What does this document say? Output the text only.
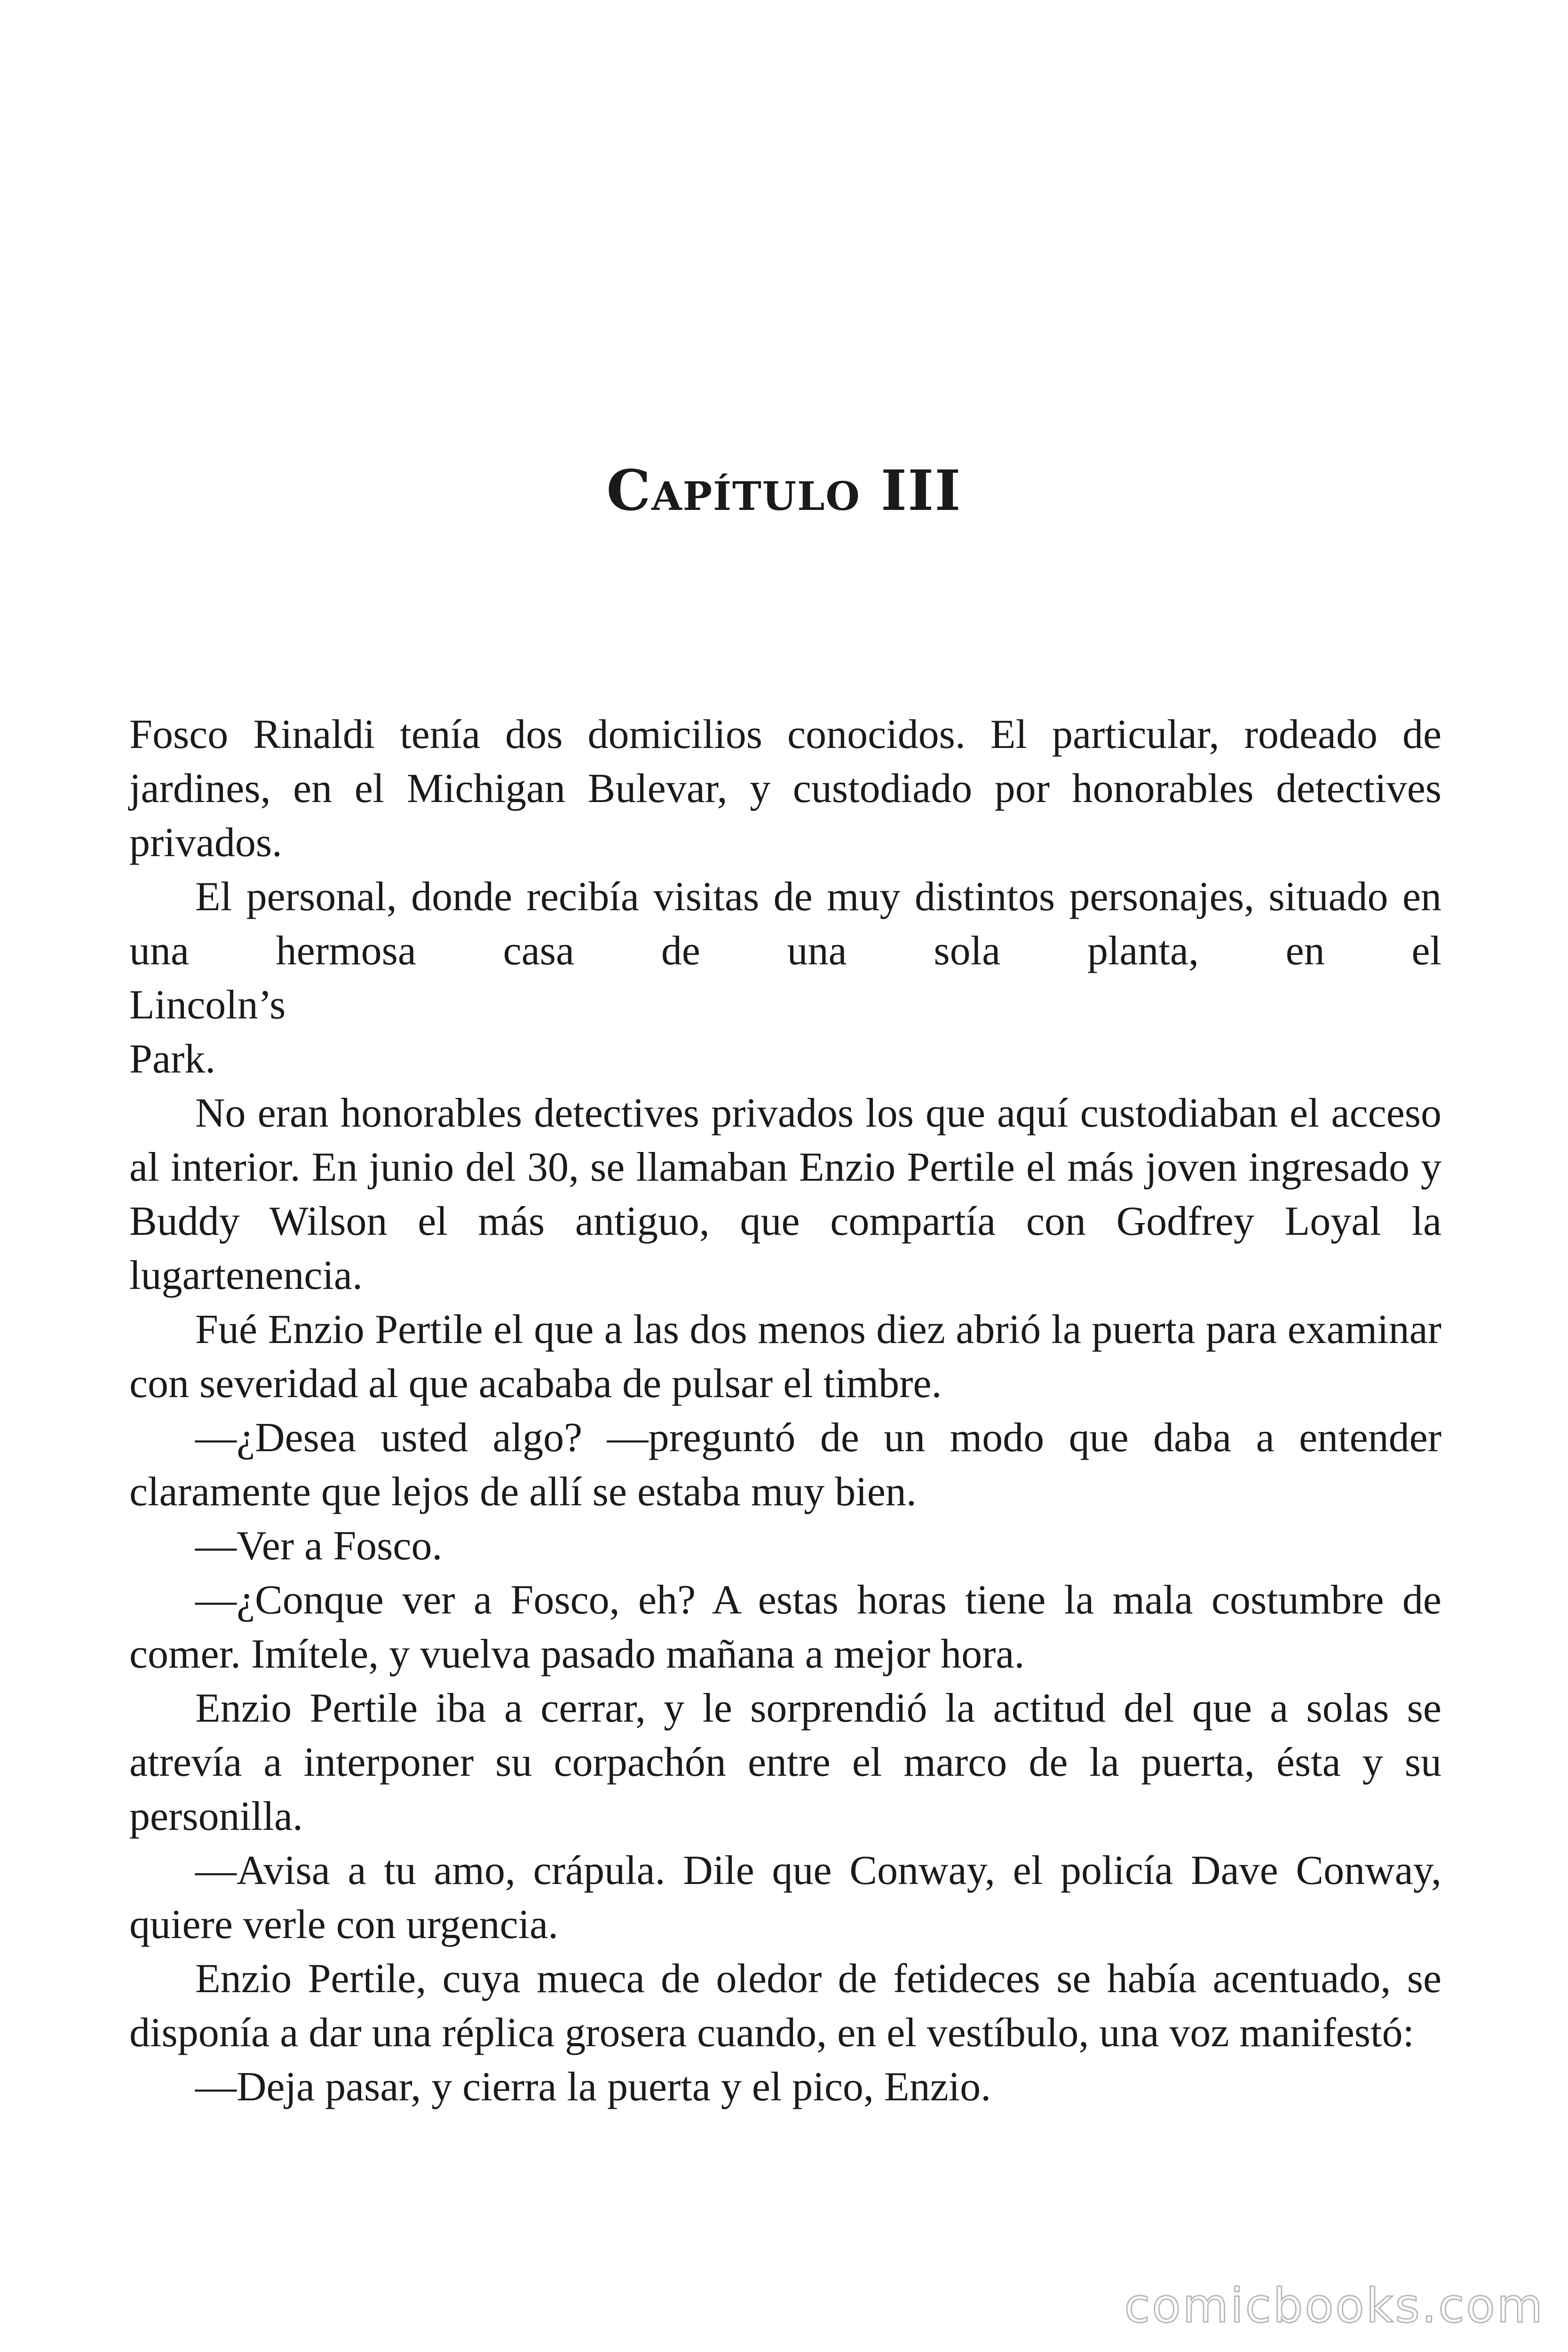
Capítulo III

Fosco Rinaldi tenía dos domicilios conocidos. El particular, rodeado de jardines, en el Michigan Bulevar, y custodiado por honorables detectives privados.

El personal, donde recibía visitas de muy distintos personajes, situado en una hermosa casa de una sola planta, en el
Lincoln’s
Park.

No eran honorables detectives privados los que aquí custodiaban el acceso al interior. En junio del 30, se llamaban Enzio Pertile el más joven ingresado y Buddy Wilson el más antiguo, que compartía con Godfrey Loyal la lugartenencia.

Fué Enzio Pertile el que a las dos menos diez abrió la puerta para examinar con severidad al que acababa de pulsar el timbre.

—¿Desea usted algo? —preguntó de un modo que daba a entender claramente que lejos de allí se estaba muy bien.

—Ver a Fosco.

—¿Conque ver a Fosco, eh? A estas horas tiene la mala costumbre de comer. Imítele, y vuelva pasado mañana a mejor hora.

Enzio Pertile iba a cerrar, y le sorprendió la actitud del que a solas se atrevía a interponer su corpachón entre el marco de la puerta, ésta y su personilla.

—Avisa a tu amo, crápula. Dile que Conway, el policía Dave Conway, quiere verle con urgencia.

Enzio Pertile, cuya mueca de oledor de fetideces se había acentuado, se disponía a dar una réplica grosera cuando, en el vestíbulo, una voz manifestó:

—Deja pasar, y cierra la puerta y el pico, Enzio.

comicbooks.com
